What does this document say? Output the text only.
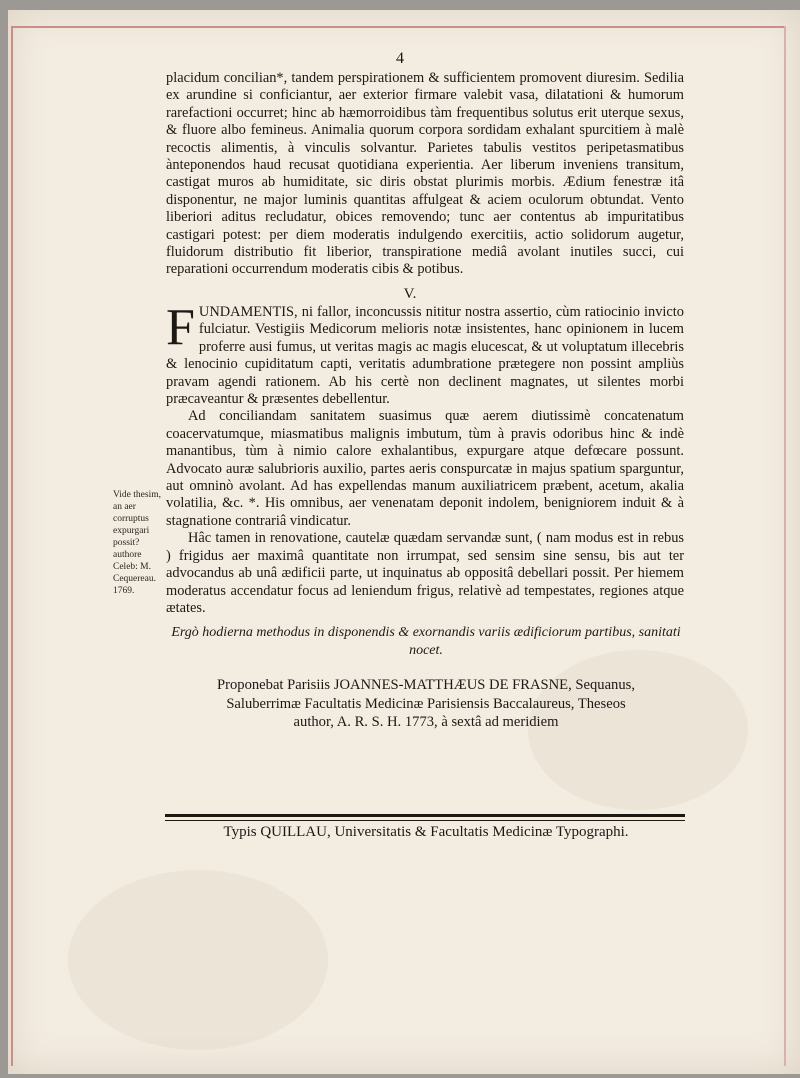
4
placidum concilian*, tandem perspirationem & sufficientem promovent diuresim. Sedilia ex arundine si conficiantur, aer exterior firmare valebit vasa, dilatationi & humorum rarefactioni occurret; hinc ab hæmorroidibus tàm frequentibus solutus erit uterque sexus, & fluore albo femineus. Animalia quorum corpora sordidam exhalant spurcitiem à malè recoctis alimentis, à vinculis solvantur. Parietes tabulis vestitos peripetasmatibus ànteponendos haud recusat quotidiana experientia. Aer liberum inveniens transitum, castigat muros ab humiditate, sic diris obstat plurimis morbis. Ædium fenestræ itâ disponentur, ne major luminis quantitas affulgeat & aciem oculorum obtundat. Vento liberiori aditus recludatur, obices removendo; tunc aer contentus ab impuritatibus castigari potest: per diem moderatis indulgendo exercitiis, actio solidorum augetur, fluidorum distributio fit liberior, transpiratione mediâ avolant inutiles succi, cui reparationi occurrendum moderatis cibis & potibus.
V.
FUNDAMENTIS, ni fallor, inconcussis nititur nostra assertio, cùm ratiocinio invicto fulciatur. Vestigiis Medicorum melioris notæ insistentes, hanc opinionem in lucem proferre ausi fumus, ut veritas magis ac magis elucescat, & ut voluptatum illecebris & lenocinio cupiditatum capti, veritatis adumbratione prætegere non possint ampliùs pravam agendi rationem. Ab his certè non declinent magnates, ut silentes morbi præcaveantur & præsentes debellentur.
Ad conciliandam sanitatem suasimus quæ aerem diutissimè concatenatum coacervatumque, miasmatibus malignis imbutum, tùm à pravis odoribus hinc & indè manantibus, tùm à nimio calore exhalantibus, expurgare atque defœcare possunt. Advocato auræ salubrioris auxilio, partes aeris conspurcatæ in majus spatium sparguntur, aut omninò avolant. Ad has expellendas manum auxiliatricem præbent, acetum, akalia volatilia, &c. *. His omnibus, aer venenatam deponit indolem, benigniorem induit & à stagnatione contrariâ vindicatur.
Hâc tamen in renovatione, cautelæ quædam servandæ sunt, ( nam modus est in rebus ) frigidus aer maximâ quantitate non irrumpat, sed sensim sine sensu, bis aut ter advocandus ab unâ ædificii parte, ut inquinatus ab oppositâ debellari possit. Per hiemem moderatus accendatur focus ad leniendum frigus, relativè ad tempestates, regiones atque ætates.
Vide thesim, an aer corruptus expurgari possit? authore Celeb: M. Cequereau. 1769.
Ergò hodierna methodus in disponendis & exornandis variis ædificiorum partibus, sanitati nocet.
Proponebat Parisiis JOANNES-MATTHÆUS DE FRASNE, Sequanus,
Saluberrimæ Facultatis Medicinæ Parisiensis Baccalaureus, Theseos
author, A. R. S. H. 1773, à sextâ ad meridiem
Typis QUILLAU, Universitatis & Facultatis Medicinæ Typographi.
